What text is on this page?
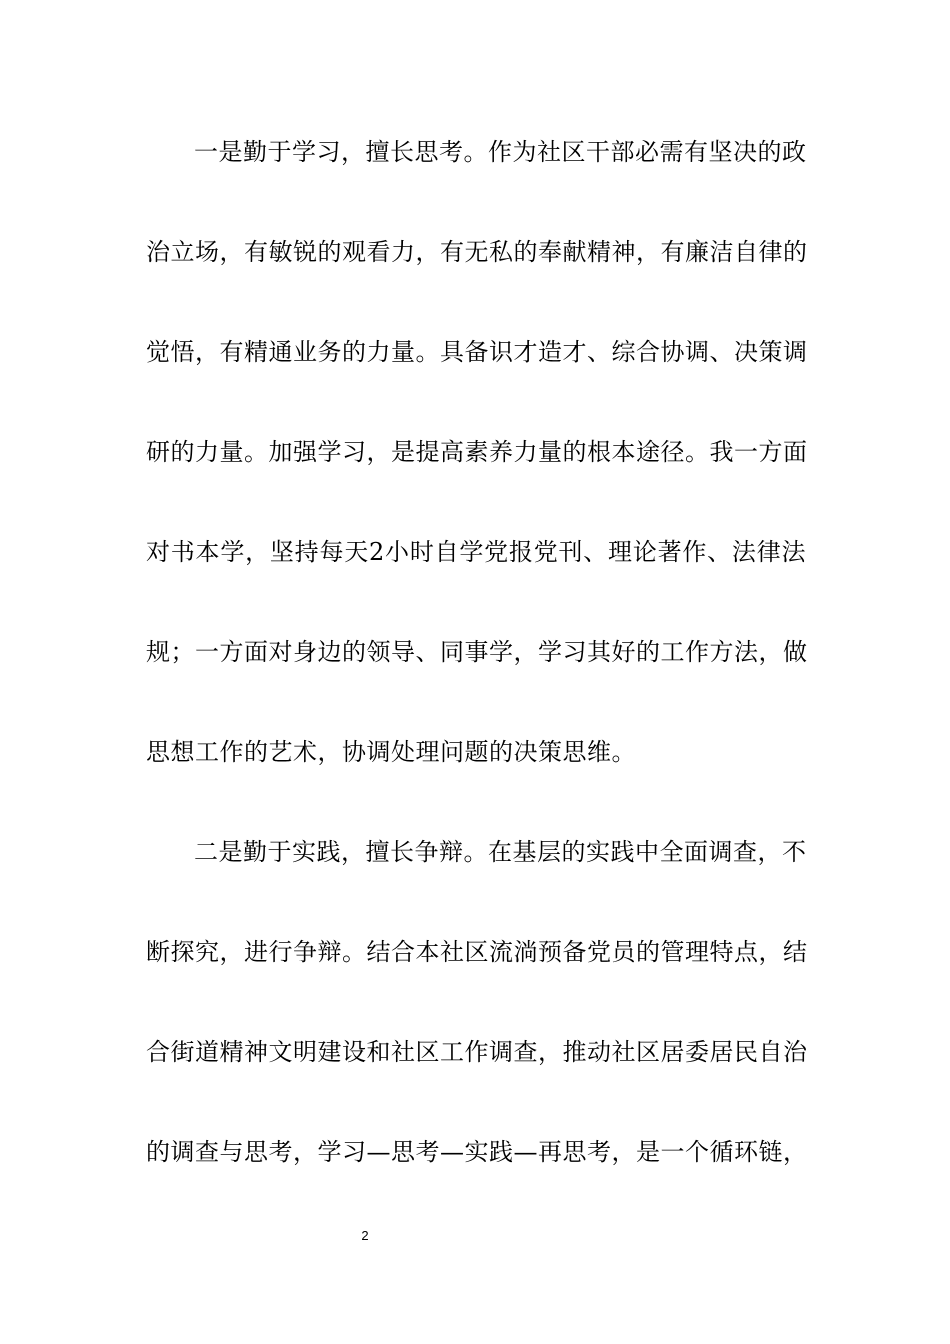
一是勤于学习，擅长思考。作为社区干部必需有坚决的政
治立场，有敏锐的观看力，有无私的奉献精神，有廉洁自律的
觉悟，有精通业务的力量。具备识才造才、综合协调、决策调
研的力量。加强学习，是提高素养力量的根本途径。我一方面
对书本学，坚持每天2小时自学党报党刊、理论著作、法律法
规；一方面对身边的领导、同事学，学习其好的工作方法，做
思想工作的艺术，协调处理问题的决策思维。
二是勤于实践，擅长争辩。在基层的实践中全面调查，不
断探究，进行争辩。结合本社区流淌预备党员的管理特点，结
合街道精神文明建设和社区工作调查，推动社区居委居民自治
的调查与思考，学习—思考—实践—再思考，是一个循环链，
2
